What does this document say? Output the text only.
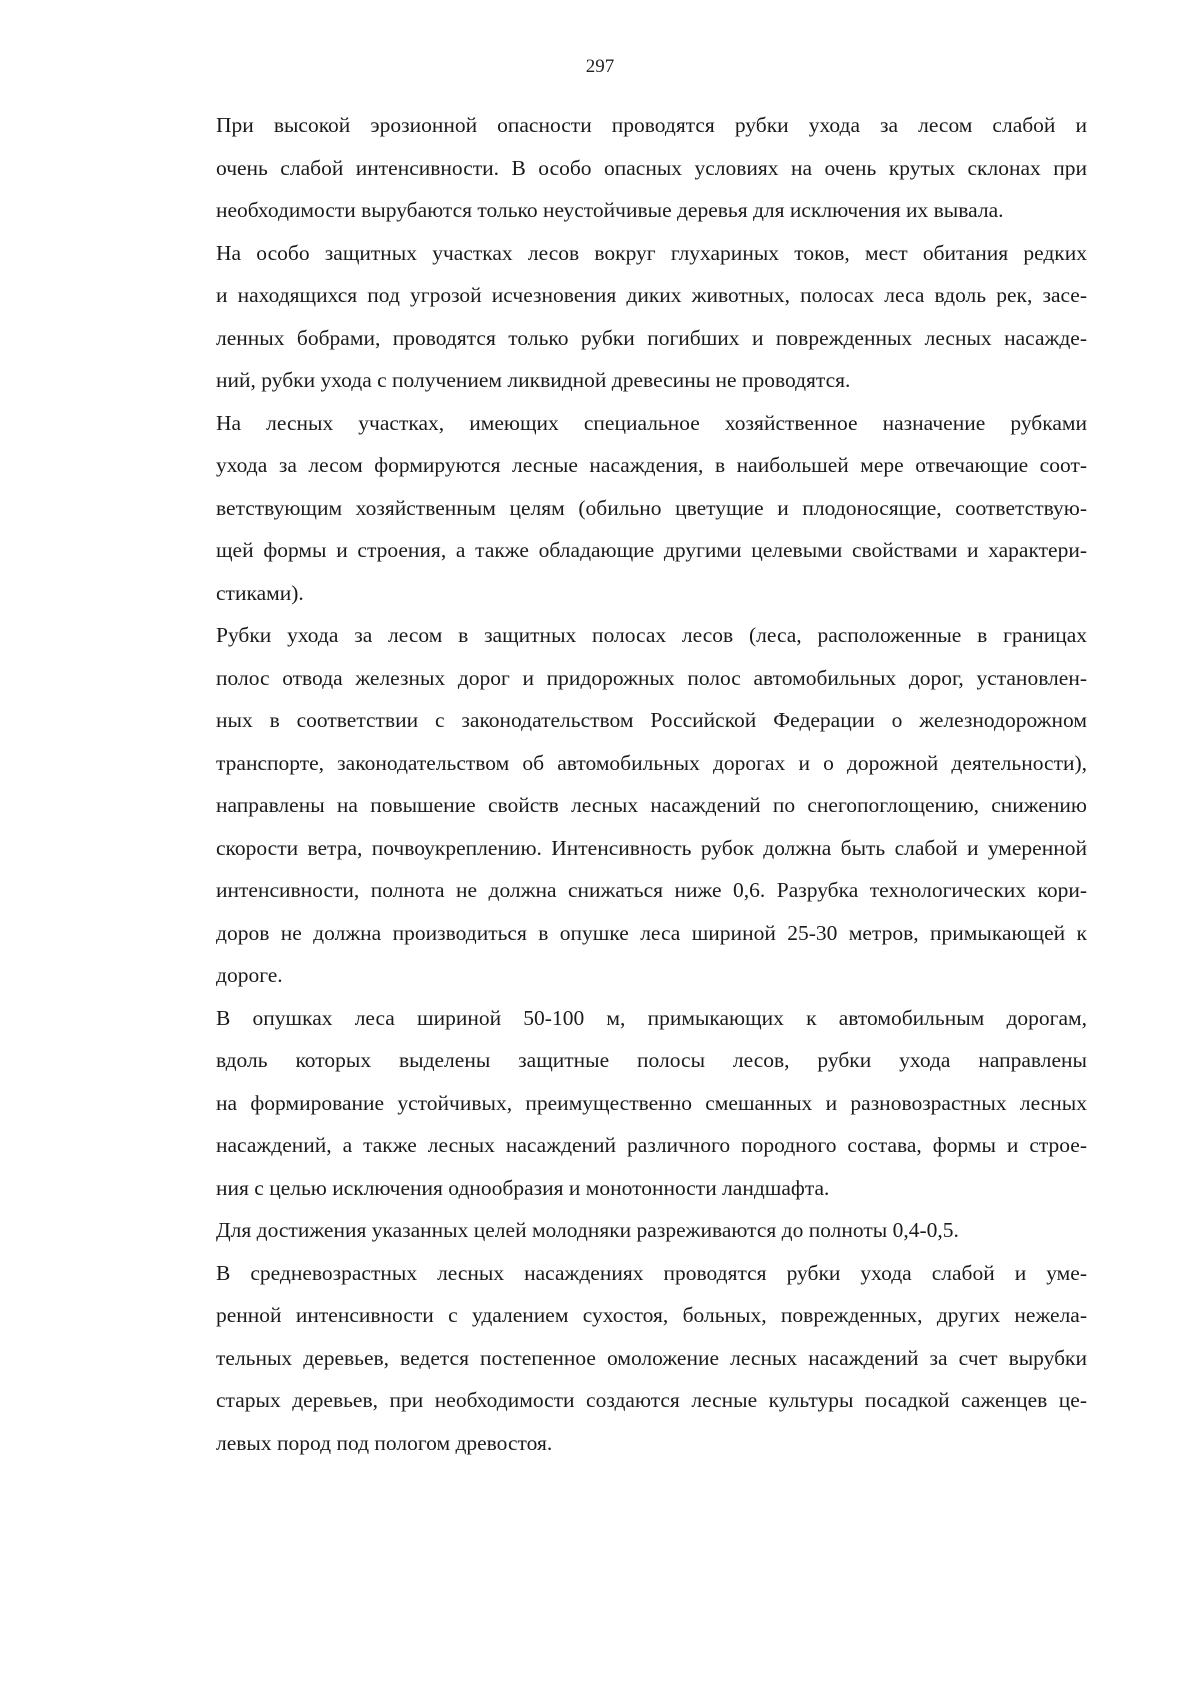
297

При высокой эрозионной опасности проводятся рубки ухода за лесом слабой и
очень слабой интенсивности. В особо опасных условиях на очень крутых склонах при
необходимости вырубаются только неустойчивые деревья для исключения их вывала.

На особо защитных участках лесов вокруг глухариных токов, мест обитания редких
и находящихся под угрозой исчезновения диких животных, полосах леса вдоль рек, засе-
ленных бобрами, проводятся только рубки погибших и поврежденных лесных насажде-
ний, рубки ухода с получением ликвидной древесины не проводятся.

На лесных участках, имеющих специальное хозяйственное назначение рубками
ухода за лесом формируются лесные насаждения, в наибольшей мере отвечающие соот-
ветствующим хозяйственным целям (обильно цветущие и плодоносящие, соответствую-
щей формы и строения, а также обладающие другими целевыми свойствами и характери-
стиками).

Рубки ухода за лесом в защитных полосах лесов (леса, расположенные в границах
полос отвода железных дорог и придорожных полос автомобильных дорог, установлен-
ных в соответствии с законодательством Российской Федерации о железнодорожном
транспорте, законодательством об автомобильных дорогах и о дорожной деятельности),
направлены на повышение свойств лесных насаждений по снегопоглощению, снижению
скорости ветра, почвоукреплению. Интенсивность рубок должна быть слабой и умеренной
интенсивности, полнота не должна снижаться ниже 0,6. Разрубка технологических кори-
доров не должна производиться в опушке леса шириной 25-30 метров, примыкающей к
дороге.

В опушках леса шириной 50-100 м, примыкающих к автомобильным дорогам,
вдоль которых выделены защитные полосы лесов, рубки ухода направлены
на формирование устойчивых, преимущественно смешанных и разновозрастных лесных
насаждений, а также лесных насаждений различного породного состава, формы и строе-
ния с целью исключения однообразия и монотонности ландшафта.

Для достижения указанных целей молодняки разреживаются до полноты 0,4-0,5.

В средневозрастных лесных насаждениях проводятся рубки ухода слабой и уме-
ренной интенсивности с удалением сухостоя, больных, поврежденных, других нежела-
тельных деревьев, ведется постепенное омоложение лесных насаждений за счет вырубки
старых деревьев, при необходимости создаются лесные культуры посадкой саженцев це-
левых пород под пологом древостоя.
